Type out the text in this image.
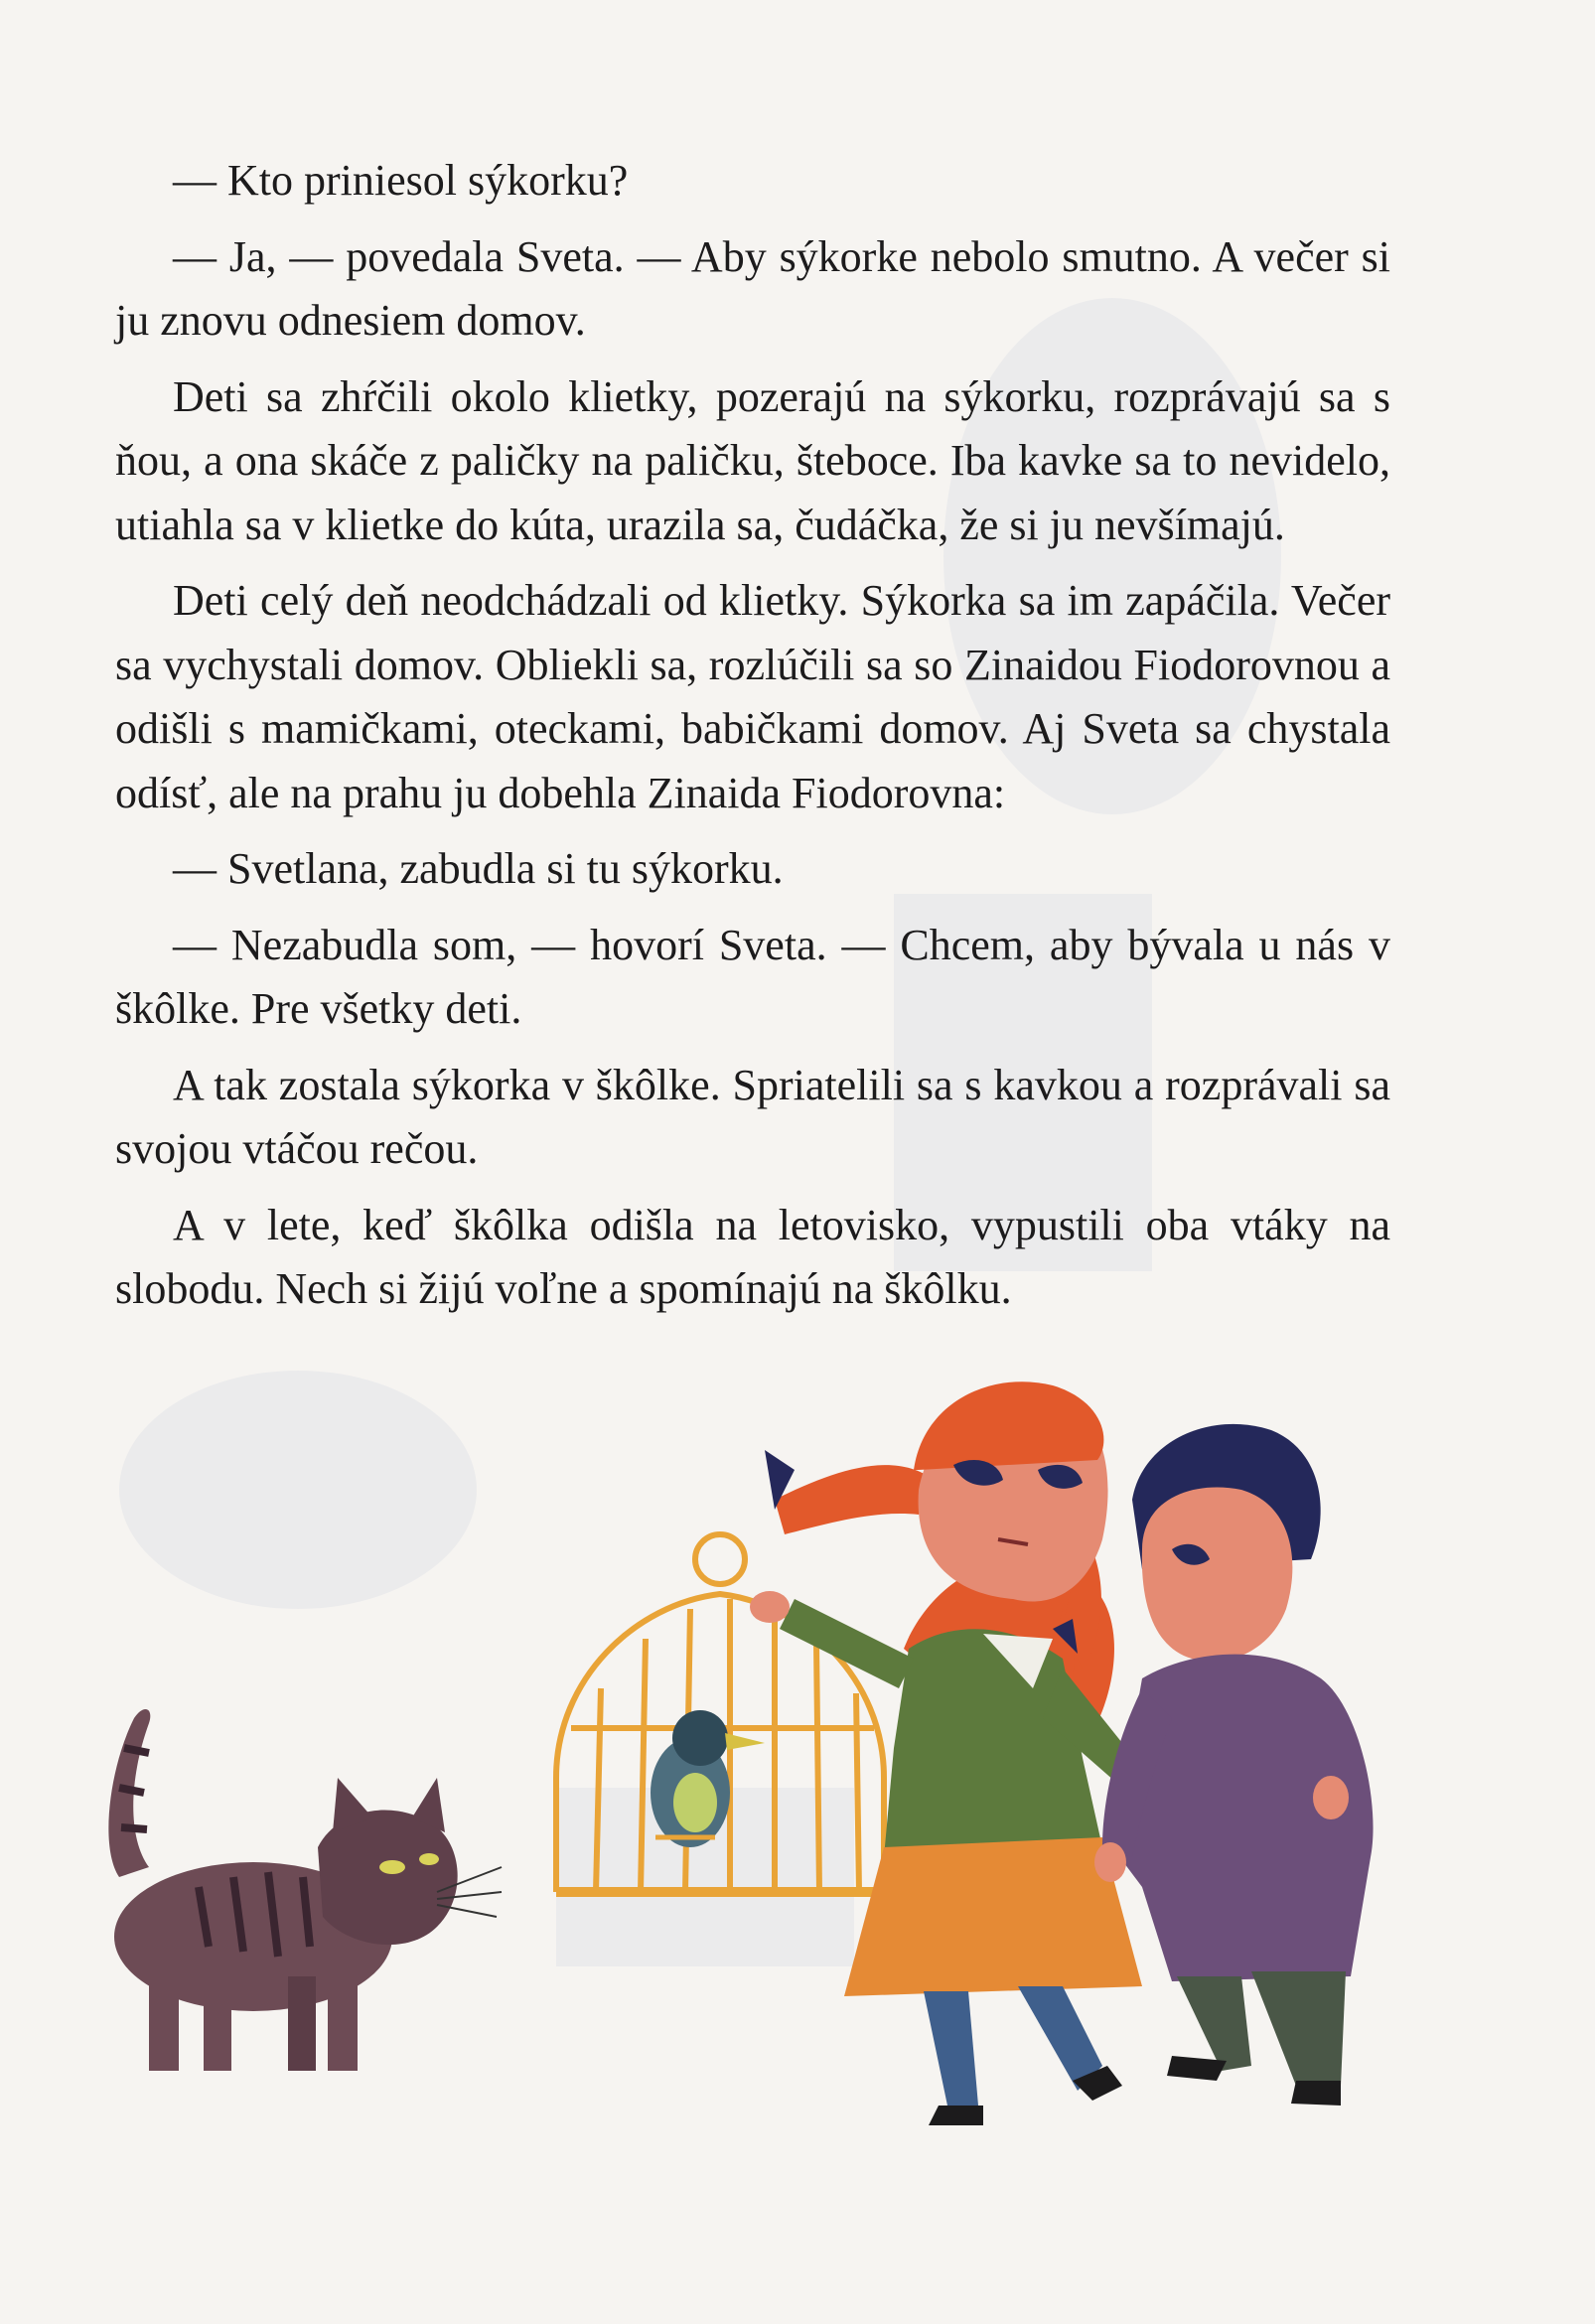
— Kto priniesol sýkorku?

— Ja, — povedala Sveta. — Aby sýkorke nebolo smutno. A večer si ju znovu odnesiem domov.

Deti sa zhŕčili okolo klietky, pozerajú na sýkorku, rozprávajú sa s ňou, a ona skáče z paličky na paličku, šteboce. Iba kavke sa to nevidelo, utiahla sa v klietke do kúta, urazila sa, čudáčka, že si ju nevšímajú.

Deti celý deň neodchádzali od klietky. Sýkorka sa im zapáčila. Večer sa vychystali domov. Obliekli sa, rozlúčili sa so Zinaidou Fiodorovnou a odišli s mamičkami, oteckami, babičkami domov. Aj Sveta sa chystala odísť, ale na prahu ju dobehla Zinaida Fiodorovna:

— Svetlana, zabudla si tu sýkorku.

— Nezabudla som, — hovorí Sveta. — Chcem, aby bývala u nás v škôlke. Pre všetky deti.

A tak zostala sýkorka v škôlke. Spriatelili sa s kavkou a rozprávali sa svojou vtáčou rečou.

A v lete, keď škôlka odišla na letovisko, vypustili oba vtáky na slobodu. Nech si žijú voľne a spomínajú na škôlku.
